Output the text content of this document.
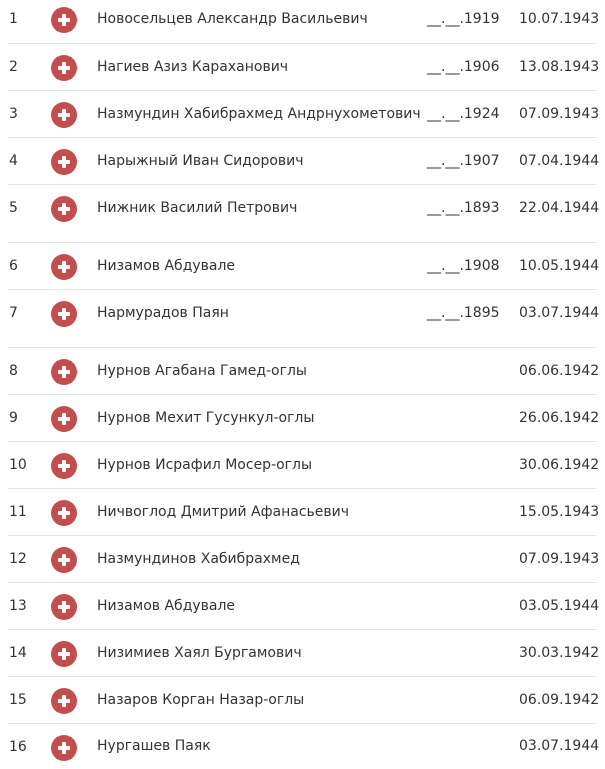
1	Новосельцев Александр Васильевич	__.__.1919	10.07.1943
2	Нагиев Азиз Караханович	__.__.1906	13.08.1943
3	Назмундин Хабибрахмед Андрнухометович __.__.1924	07.09.1943
4	Нарыжный Иван Сидорович	__.__.1907	07.04.1944
5	Нижник Василий Петрович	__.__.1893	22.04.1944
6	Низамов Абдувале	__.__.1908	10.05.1944
7	Нармурадов Паян	__.__.1895	03.07.1944
8	Нурнов Агабана Гамед-оглы	06.06.1942
9	Нурнов Мехит Гусункул-оглы	26.06.1942
10	Нурнов Исрафил Мосер-оглы	30.06.1942
11	Ничвоглод Дмитрий Афанасьевич	15.05.1943
12	Назмундинов Хабибрахмед	07.09.1943
13	Низамов Абдувале	03.05.1944
14	Низимиев Хаял Бургамович	30.03.1942
15	Назаров Корган Назар-оглы	06.09.1942
16	Нургашев Паяк	03.07.1944
